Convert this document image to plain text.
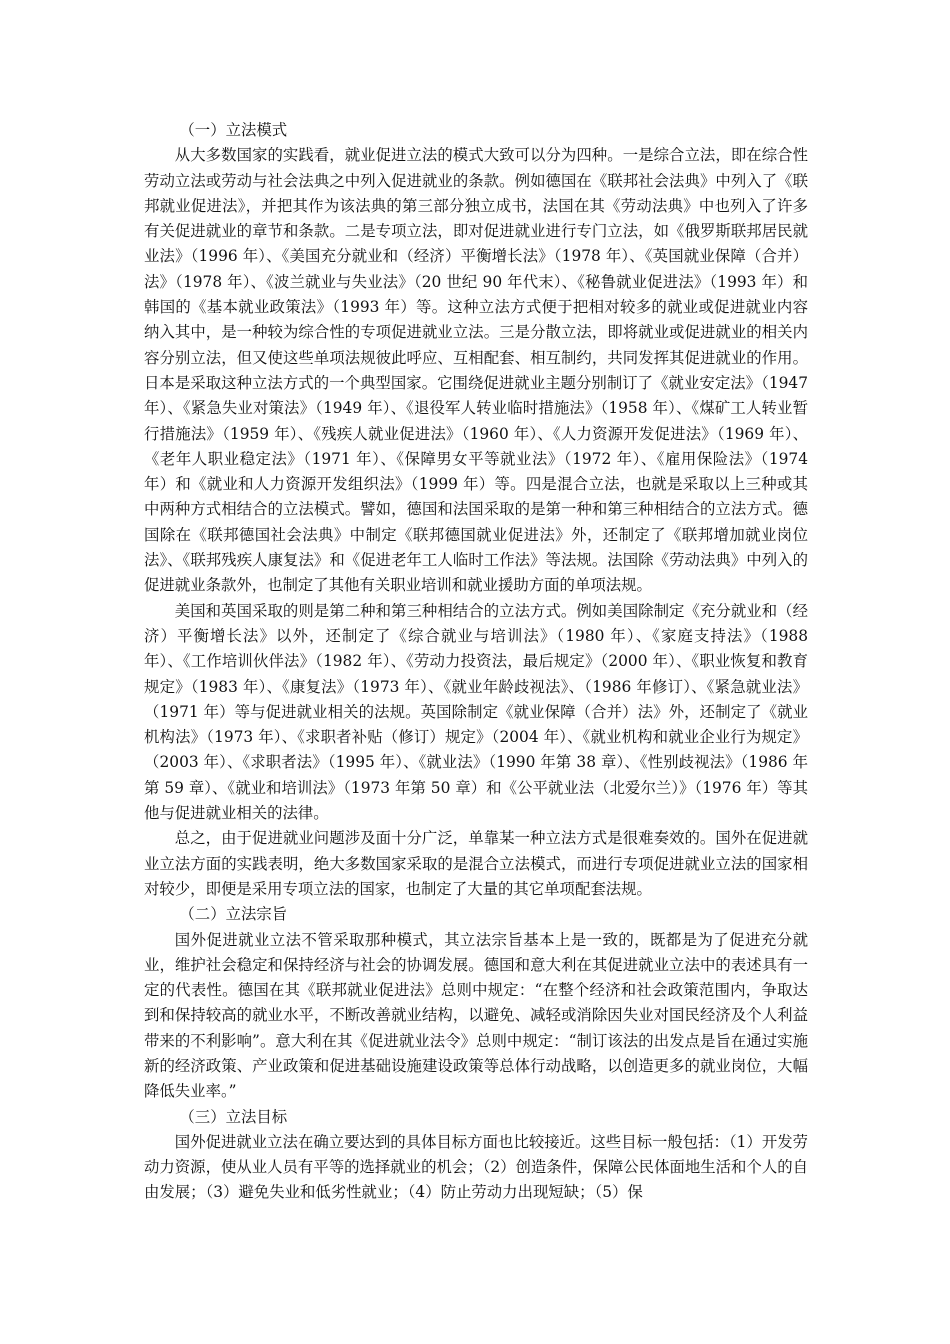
（一）立法模式

从大多数国家的实践看，就业促进立法的模式大致可以分为四种。一是综合立法，即在综合性劳动立法或劳动与社会法典之中列入促进就业的条款。例如德国在《联邦社会法典》中列入了《联邦就业促进法》，并把其作为该法典的第三部分独立成书，法国在其《劳动法典》中也列入了许多有关促进就业的章节和条款。二是专项立法，即对促进就业进行专门立法，如《俄罗斯联邦居民就业法》（1996 年）、《美国充分就业和（经济）平衡增长法》（1978 年）、《英国就业保障（合并）法》（1978 年）、《波兰就业与失业法》（20 世纪 90 年代末）、《秘鲁就业促进法》（1993 年）和韩国的《基本就业政策法》（1993 年）等。这种立法方式便于把相对较多的就业或促进就业内容纳入其中，是一种较为综合性的专项促进就业立法。三是分散立法，即将就业或促进就业的相关内容分别立法，但又使这些单项法规彼此呼应、互相配套、相互制约，共同发挥其促进就业的作用。日本是采取这种立法方式的一个典型国家。它围绕促进就业主题分别制订了《就业安定法》（1947 年）、《紧急失业对策法》（1949 年）、《退役军人转业临时措施法》（1958 年）、《煤矿工人转业暂行措施法》（1959 年）、《残疾人就业促进法》（1960 年）、《人力资源开发促进法》（1969 年）、《老年人职业稳定法》（1971 年）、《保障男女平等就业法》（1972 年）、《雇用保险法》（1974 年）和《就业和人力资源开发组织法》（1999 年）等。四是混合立法，也就是采取以上三种或其中两种方式相结合的立法模式。譬如，德国和法国采取的是第一种和第三种相结合的立法方式。德国除在《联邦德国社会法典》中制定《联邦德国就业促进法》外，还制定了《联邦增加就业岗位法》、《联邦残疾人康复法》和《促进老年工人临时工作法》等法规。法国除《劳动法典》中列入的促进就业条款外，也制定了其他有关职业培训和就业援助方面的单项法规。

美国和英国采取的则是第二种和第三种相结合的立法方式。例如美国除制定《充分就业和（经济）平衡增长法》以外，还制定了《综合就业与培训法》（1980 年）、《家庭支持法》（1988 年）、《工作培训伙伴法》（1982 年）、《劳动力投资法，最后规定》（2000 年）、《职业恢复和教育规定》（1983 年）、《康复法》（1973 年）、《就业年龄歧视法》、（1986 年修订）、《紧急就业法》（1971 年）等与促进就业相关的法规。英国除制定《就业保障（合并）法》外，还制定了《就业机构法》（1973 年）、《求职者补贴（修订）规定》（2004 年）、《就业机构和就业企业行为规定》（2003 年）、《求职者法》（1995 年）、《就业法》（1990 年第 38 章）、《性别歧视法》（1986 年第 59 章）、《就业和培训法》（1973 年第 50 章）和《公平就业法（北爱尔兰）》（1976 年）等其他与促进就业相关的法律。

总之，由于促进就业问题涉及面十分广泛，单靠某一种立法方式是很难奏效的。国外在促进就业立法方面的实践表明，绝大多数国家采取的是混合立法模式，而进行专项促进就业立法的国家相对较少，即便是采用专项立法的国家，也制定了大量的其它单项配套法规。

（二）立法宗旨

国外促进就业立法不管采取那种模式，其立法宗旨基本上是一致的，既都是为了促进充分就业，维护社会稳定和保持经济与社会的协调发展。德国和意大利在其促进就业立法中的表述具有一定的代表性。德国在其《联邦就业促进法》总则中规定：“在整个经济和社会政策范围内，争取达到和保持较高的就业水平，不断改善就业结构，以避免、减轻或消除因失业对国民经济及个人利益带来的不利影响”。意大利在其《促进就业法令》总则中规定：“制订该法的出发点是旨在通过实施新的经济政策、产业政策和促进基础设施建设政策等总体行动战略，以创造更多的就业岗位，大幅降低失业率。”

（三）立法目标

国外促进就业立法在确立要达到的具体目标方面也比较接近。这些目标一般包括：（1）开发劳动力资源，使从业人员有平等的选择就业的机会；（2）创造条件，保障公民体面地生活和个人的自由发展；（3）避免失业和低劣性就业；（4）防止劳动力出现短缺；（5）保
